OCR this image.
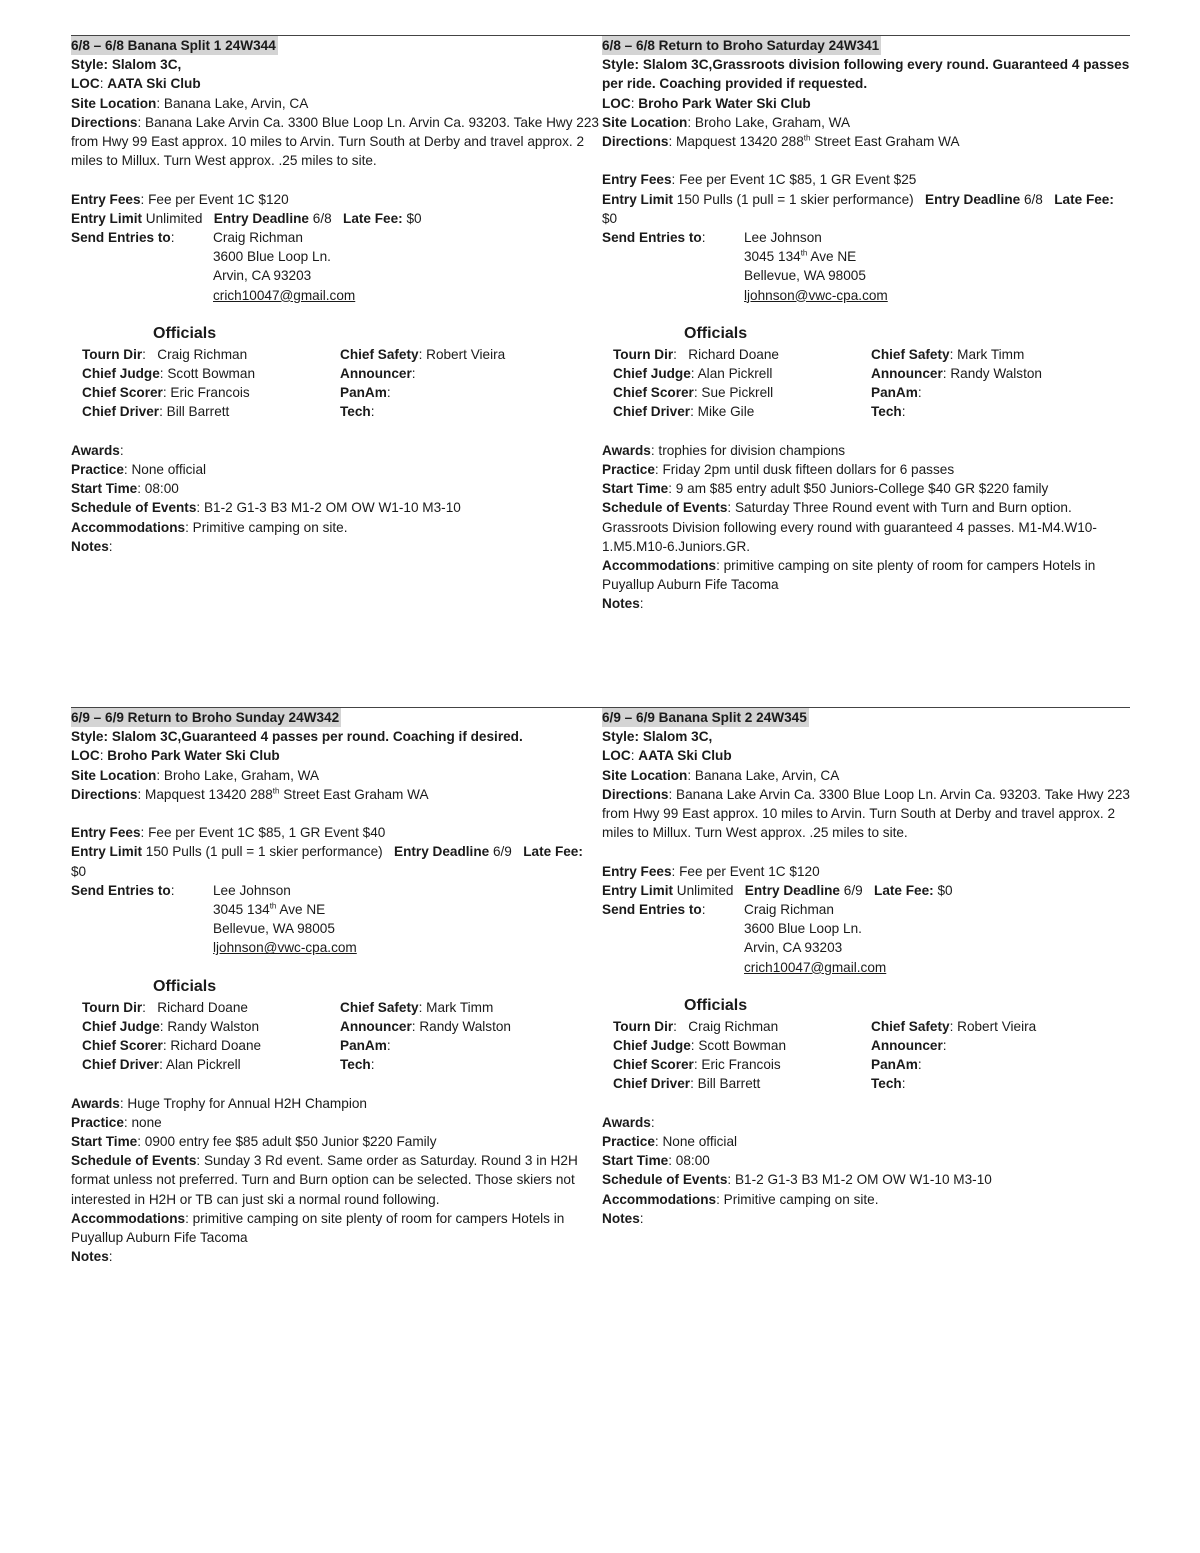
6/8 – 6/8 Banana Split 1 24W344
Style: Slalom 3C,
LOC: AATA Ski Club
Site Location: Banana Lake, Arvin, CA
Directions: Banana Lake Arvin Ca. 3300 Blue Loop Ln. Arvin Ca. 93203. Take Hwy 223 from Hwy 99 East approx. 10 miles to Arvin. Turn South at Derby and travel approx. 2 miles to Millux. Turn West approx. .25 miles to site.
Entry Fees: Fee per Event 1C $120
Entry Limit Unlimited Entry Deadline 6/8 Late Fee: $0
Send Entries to:	Craig Richman
3600 Blue Loop Ln.
Arvin, CA 93203
crich10047@gmail.com
Officials
Tourn Dir:   Craig Richman	Chief Safety: Robert Vieira
Chief Judge: Scott Bowman	Announcer:
Chief Scorer: Eric Francois	PanAm:
Chief Driver: Bill Barrett	Tech:
Awards:
Practice: None official
Start Time: 08:00
Schedule of Events: B1-2 G1-3 B3 M1-2 OM OW W1-10 M3-10
Accommodations: Primitive camping on site.
Notes:
6/8 – 6/8 Return to Broho Saturday 24W341
Style: Slalom 3C,Grassroots division following every round. Guaranteed 4 passes per ride. Coaching provided if requested.
LOC: Broho Park Water Ski Club
Site Location: Broho Lake, Graham, WA
Directions: Mapquest 13420 288th Street East Graham WA
Entry Fees: Fee per Event 1C $85, 1 GR Event $25
Entry Limit 150 Pulls (1 pull = 1 skier performance) Entry Deadline 6/8 Late Fee: $0
Send Entries to:	Lee Johnson
3045 134th Ave NE
Bellevue, WA 98005
ljohnson@vwc-cpa.com
Officials
Tourn Dir:   Richard Doane	Chief Safety: Mark Timm
Chief Judge: Alan Pickrell	Announcer: Randy Walston
Chief Scorer: Sue Pickrell	PanAm:
Chief Driver: Mike Gile	Tech:
Awards: trophies for division champions
Practice: Friday 2pm until dusk fifteen dollars for 6 passes
Start Time: 9 am $85 entry adult $50 Juniors-College $40 GR $220 family
Schedule of Events: Saturday Three Round event with Turn and Burn option. Grassroots Division following every round with guaranteed 4 passes. M1-M4.W10-1.M5.M10-6.Juniors.GR.
Accommodations: primitive camping on site plenty of room for campers Hotels in Puyallup Auburn Fife Tacoma
Notes:
6/9 – 6/9 Return to Broho Sunday 24W342
Style: Slalom 3C,Guaranteed 4 passes per round. Coaching if desired.
LOC: Broho Park Water Ski Club
Site Location: Broho Lake, Graham, WA
Directions: Mapquest 13420 288th Street East Graham WA
Entry Fees: Fee per Event 1C $85, 1 GR Event $40
Entry Limit 150 Pulls (1 pull = 1 skier performance) Entry Deadline 6/9 Late Fee: $0
Send Entries to:	Lee Johnson
3045 134th Ave NE
Bellevue, WA 98005
ljohnson@vwc-cpa.com
Officials
Tourn Dir:   Richard Doane	Chief Safety: Mark Timm
Chief Judge: Randy Walston	Announcer: Randy Walston
Chief Scorer: Richard Doane	PanAm:
Chief Driver: Alan Pickrell	Tech:
Awards: Huge Trophy for Annual H2H Champion
Practice: none
Start Time: 0900 entry fee $85 adult $50 Junior $220 Family
Schedule of Events: Sunday 3 Rd event. Same order as Saturday. Round 3 in H2H format unless not preferred. Turn and Burn option can be selected. Those skiers not interested in H2H or TB can just ski a normal round following.
Accommodations: primitive camping on site plenty of room for campers Hotels in Puyallup Auburn Fife Tacoma
Notes:
6/9 – 6/9 Banana Split 2 24W345
Style: Slalom 3C,
LOC: AATA Ski Club
Site Location: Banana Lake, Arvin, CA
Directions: Banana Lake Arvin Ca. 3300 Blue Loop Ln. Arvin Ca. 93203. Take Hwy 223 from Hwy 99 East approx. 10 miles to Arvin. Turn South at Derby and travel approx. 2 miles to Millux. Turn West approx. .25 miles to site.
Entry Fees: Fee per Event 1C $120
Entry Limit Unlimited Entry Deadline 6/9 Late Fee: $0
Send Entries to:	Craig Richman
3600 Blue Loop Ln.
Arvin, CA 93203
crich10047@gmail.com
Officials
Tourn Dir:   Craig Richman	Chief Safety: Robert Vieira
Chief Judge: Scott Bowman	Announcer:
Chief Scorer: Eric Francois	PanAm:
Chief Driver: Bill Barrett	Tech:
Awards:
Practice: None official
Start Time: 08:00
Schedule of Events: B1-2 G1-3 B3 M1-2 OM OW W1-10 M3-10
Accommodations: Primitive camping on site.
Notes:
